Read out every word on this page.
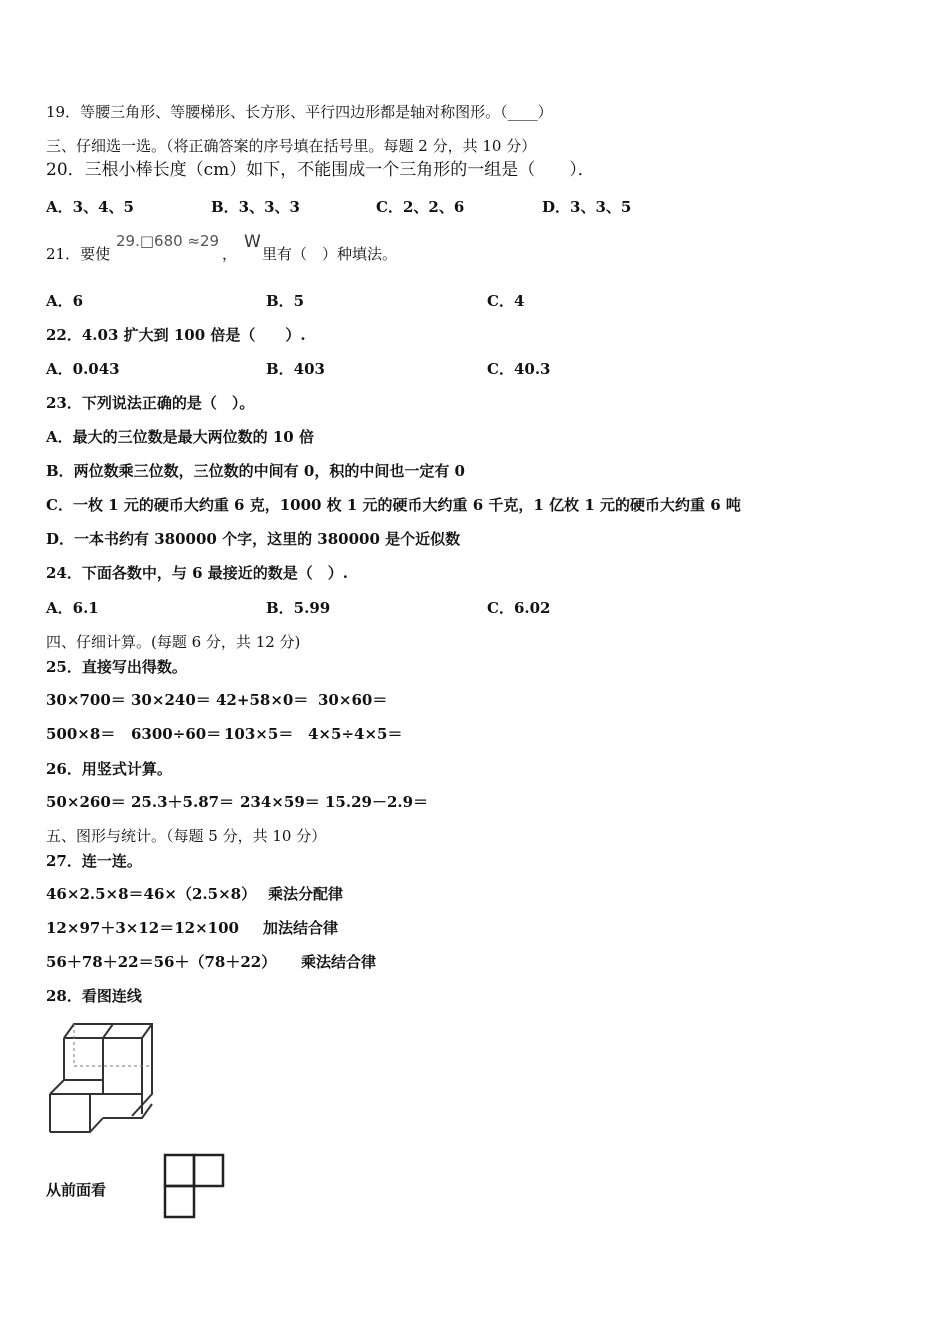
19．等腰三角形、等腰梯形、长方形、平行四边形都是轴对称图形。（____）
三、仔细选一选。（将正确答案的序号填在括号里。每题 2 分，共 10 分）
20．三根小棒长度（cm）如下，不能围成一个三角形的一组是（　　）．
A．3、4、5	B．3、3、3	C．2、2、6	D．3、3、5
21．要使
29.□680 ≈29
，
W
里有（　）种填法。
A．6	B．5	C．4
22．4.03 扩大到 100 倍是（　　）.
A．0.043	B．403	C．40.3
23．下列说法正确的是（　）。
A．最大的三位数是最大两位数的 10 倍
B．两位数乘三位数，三位数的中间有 0，积的中间也一定有 0
C．一枚 1 元的硬币大约重 6 克，1000 枚 1 元的硬币大约重 6 千克，1 亿枚 1 元的硬币大约重 6 吨
D．一本书约有 380000 个字，这里的 380000 是个近似数
24．下面各数中，与 6 最接近的数是（　）.
A．6.1	B．5.99	C．6.02
四、仔细计算。(每题 6 分，共 12 分)
25．直接写出得数。
30×700＝ 30×240＝ 42+58×0＝ 30×60＝
500×8＝ 6300÷60＝ 103×5＝ 4×5÷4×5＝
26．用竖式计算。
50×260＝ 25.3＋5.87＝ 234×59＝ 15.29－2.9＝
五、图形与统计。（每题 5 分，共 10 分）
27．连一连。
46×2.5×8＝46×（2.5×8） 乘法分配律
12×97＋3×12＝12×100 加法结合律
56＋78＋22＝56＋（78＋22） 乘法结合律
28．看图连线
从前面看
